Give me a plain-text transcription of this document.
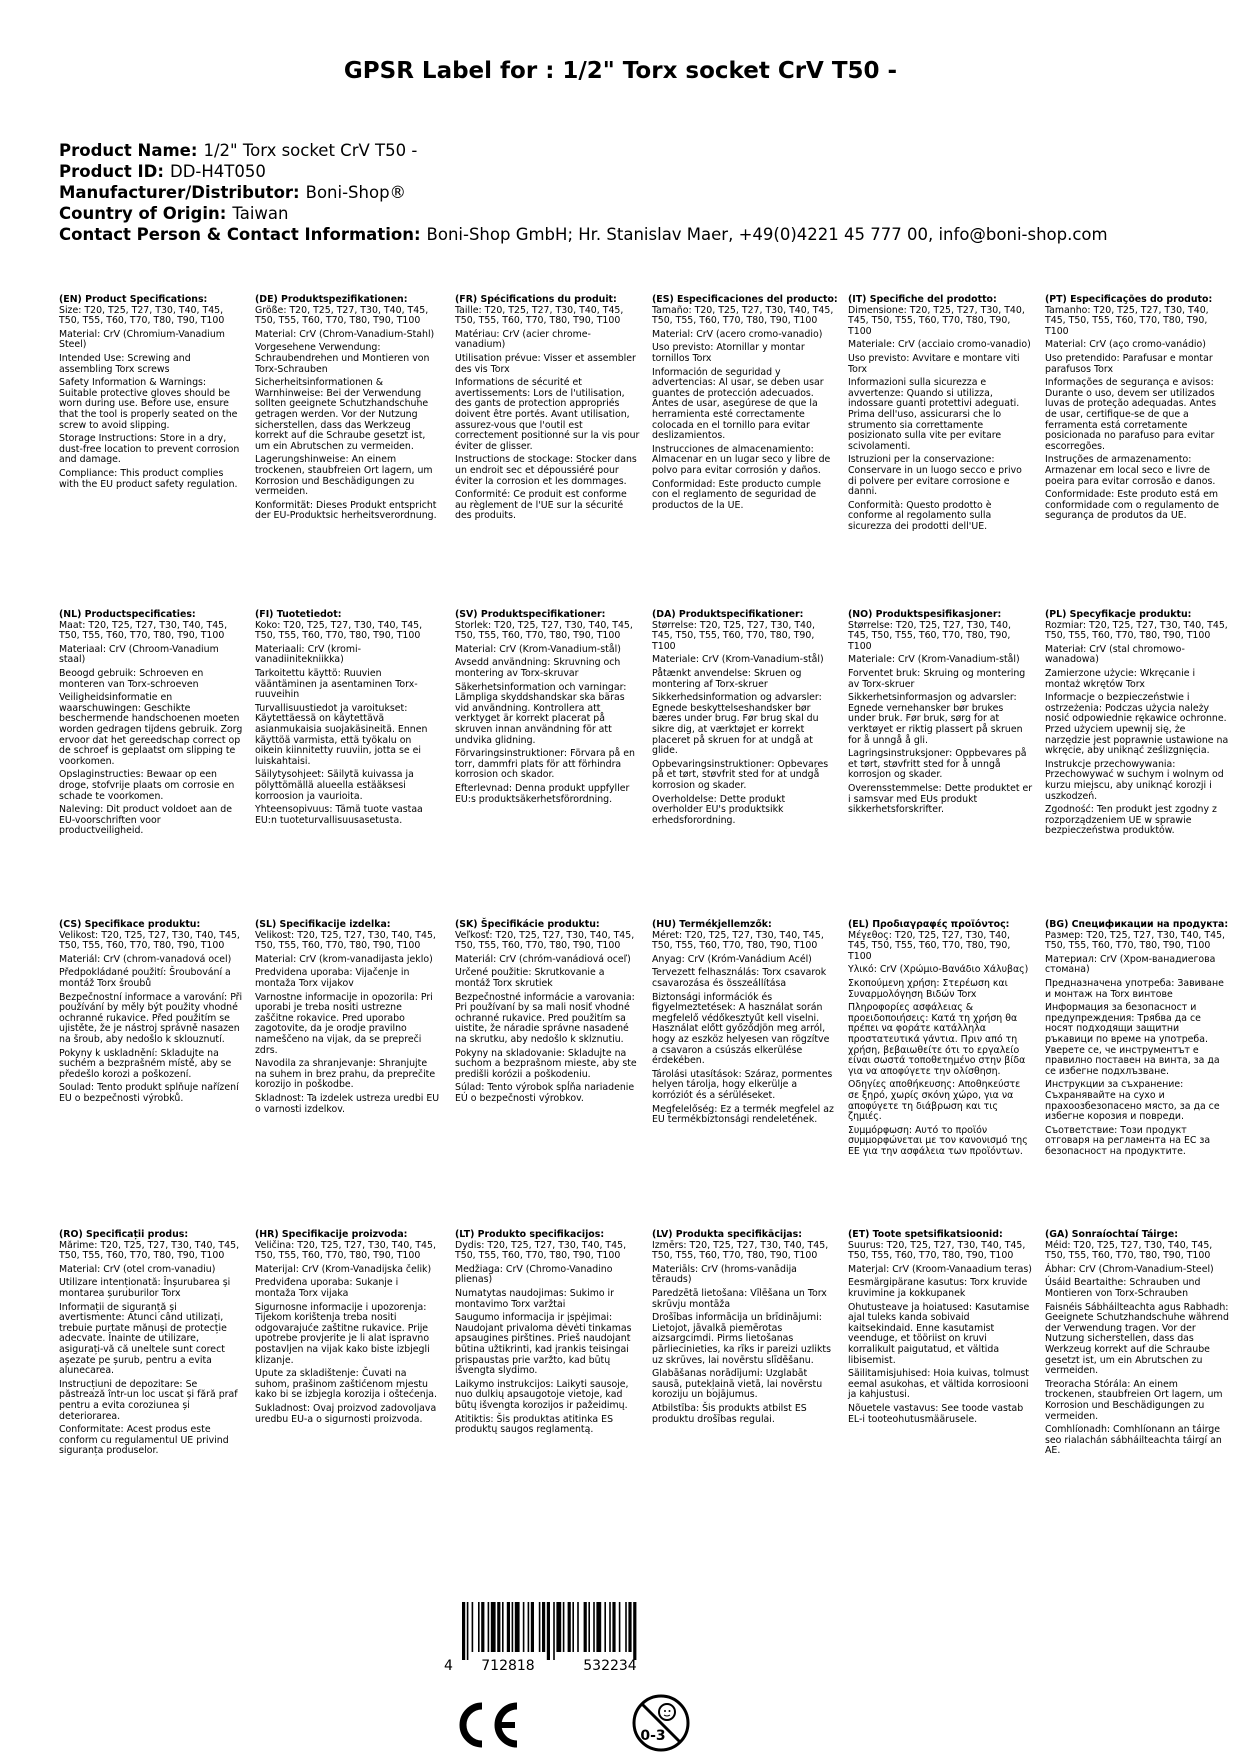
GPSR Label for : 1/2" Torx socket CrV T50 -
Product Name: 1/2" Torx socket CrV T50 -
Product ID: DD-H4T050
Manufacturer/Distributor: Boni-Shop®
Country of Origin: Taiwan
Contact Person & Contact Information: Boni-Shop GmbH; Hr. Stanislav Maer, +49(0)4221 45 777 00, info@boni-shop.com
(EN) Product Specifications:

Size: T20, T25, T27, T30, T40, T45, T50, T55, T60, T70, T80, T90, T100

Material: CrV (Chromium-Vanadium Steel)

Intended Use: Screwing and assembling Torx screws

Safety Information & Warnings: Suitable protective gloves should be worn during use. Before use, ensure that the tool is properly seated on the screw to avoid slipping.

Storage Instructions: Store in a dry, dust-free location to prevent corrosion and damage.

Compliance: This product complies with the EU product safety regulation.

(DE) Produktspezifikationen:

Größe: T20, T25, T27, T30, T40, T45, T50, T55, T60, T70, T80, T90, T100

Material: CrV (Chrom-Vanadium-Stahl)

Vorgesehene Verwendung: Schraubendrehen und Montieren von Torx-Schrauben

Sicherheitsinformationen & Warnhinweise: Bei der Verwendung sollten geeignete Schutzhandschuhe getragen werden. Vor der Nutzung sicherstellen, dass das Werkzeug korrekt auf die Schraube gesetzt ist, um ein Abrutschen zu vermeiden.

Lagerungshinweise: An einem trockenen, staubfreien Ort lagern, um Korrosion und Beschädigungen zu vermeiden.

Konformität: Dieses Produkt entspricht der EU-Produktsic herheitsverordnung.

(FR) Spécifications du produit:

Taille: T20, T25, T27, T30, T40, T45, T50, T55, T60, T70, T80, T90, T100

Matériau: CrV (acier chrome-vanadium)

Utilisation prévue: Visser et assembler des vis Torx

Informations de sécurité et avertissements: Lors de l'utilisation, des gants de protection appropriés doivent être portés. Avant utilisation, assurez-vous que l'outil est correctement positionné sur la vis pour éviter de glisser.

Instructions de stockage: Stocker dans un endroit sec et dépoussiéré pour éviter la corrosion et les dommages.

Conformité: Ce produit est conforme au règlement de l'UE sur la sécurité des produits.

(ES) Especificaciones del producto:

Tamaño: T20, T25, T27, T30, T40, T45, T50, T55, T60, T70, T80, T90, T100

Material: CrV (acero cromo-vanadio)

Uso previsto: Atornillar y montar tornillos Torx

Información de seguridad y advertencias: Al usar, se deben usar guantes de protección adecuados. Antes de usar, asegúrese de que la herramienta esté correctamente colocada en el tornillo para evitar deslizamientos.

Instrucciones de almacenamiento: Almacenar en un lugar seco y libre de polvo para evitar corrosión y daños.

Conformidad: Este producto cumple con el reglamento de seguridad de productos de la UE.

(IT) Specifiche del prodotto:

Dimensione: T20, T25, T27, T30, T40, T45, T50, T55, T60, T70, T80, T90, T100

Materiale: CrV (acciaio cromo-vanadio)

Uso previsto: Avvitare e montare viti Torx

Informazioni sulla sicurezza e avvertenze: Quando si utilizza, indossare guanti protettivi adeguati. Prima dell'uso, assicurarsi che lo strumento sia correttamente posizionato sulla vite per evitare scivolamenti.

Istruzioni per la conservazione: Conservare in un luogo secco e privo di polvere per evitare corrosione e danni.

Conformità: Questo prodotto è conforme al regolamento sulla sicurezza dei prodotti dell'UE.

(PT) Especificações do produto:

Tamanho: T20, T25, T27, T30, T40, T45, T50, T55, T60, T70, T80, T90, T100

Material: CrV (aço cromo-vanádio)

Uso pretendido: Parafusar e montar parafusos Torx

Informações de segurança e avisos: Durante o uso, devem ser utilizados luvas de proteção adequadas. Antes de usar, certifique-se de que a ferramenta está corretamente posicionada no parafuso para evitar escorregões.

Instruções de armazenamento: Armazenar em local seco e livre de poeira para evitar corrosão e danos.

Conformidade: Este produto está em conformidade com o regulamento de segurança de produtos da UE.

(NL) Productspecificaties:

Maat: T20, T25, T27, T30, T40, T45, T50, T55, T60, T70, T80, T90, T100

Materiaal: CrV (Chroom-Vanadium staal)

Beoogd gebruik: Schroeven en monteren van Torx-schroeven

Veiligheidsinformatie en waarschuwingen: Geschikte beschermende handschoenen moeten worden gedragen tijdens gebruik. Zorg ervoor dat het gereedschap correct op de schroef is geplaatst om slipping te voorkomen.

Opslaginstructies: Bewaar op een droge, stofvrije plaats om corrosie en schade te voorkomen.

Naleving: Dit product voldoet aan de EU-voorschriften voor productveiligheid.

(FI) Tuotetiedot:

Koko: T20, T25, T27, T30, T40, T45, T50, T55, T60, T70, T80, T90, T100

Materiaali: CrV (kromi-vanadiinitekniikka)

Tarkoitettu käyttö: Ruuvien vääntäminen ja asentaminen Torx-ruuveihin

Turvallisuustiedot ja varoitukset: Käytettäessä on käytettävä asianmukaisia suojakäsineitä. Ennen käyttöä varmista, että työkalu on oikein kiinnitetty ruuviin, jotta se ei luiskahtaisi.

Säilytysohjeet: Säilytä kuivassa ja pölyttömällä alueella estääksesi korroosion ja vaurioita.

Yhteensopivuus: Tämä tuote vastaa EU:n tuoteturvallisuusasetusta.

(SV) Produktspecifikationer:

Storlek: T20, T25, T27, T30, T40, T45, T50, T55, T60, T70, T80, T90, T100

Material: CrV (Krom-Vanadium-stål)

Avsedd användning: Skruvning och montering av Torx-skruvar

Säkerhetsinformation och varningar: Lämpliga skyddshandskar ska bäras vid användning. Kontrollera att verktyget är korrekt placerat på skruven innan användning för att undvika glidning.

Förvaringsinstruktioner: Förvara på en torr, dammfri plats för att förhindra korrosion och skador.

Efterlevnad: Denna produkt uppfyller EU:s produktsäkerhetsförordning.

(DA) Produktspecifikationer:

Størrelse: T20, T25, T27, T30, T40, T45, T50, T55, T60, T70, T80, T90, T100

Materiale: CrV (Krom-Vanadium-stål)

Påtænkt anvendelse: Skruen og montering af Torx-skruer

Sikkerhedsinformation og advarsler: Egnede beskyttelseshandsker bør bæres under brug. Før brug skal du sikre dig, at værktøjet er korrekt placeret på skruen for at undgå at glide.

Opbevaringsinstruktioner: Opbevares på et tørt, støvfrit sted for at undgå korrosion og skader.

Overholdelse: Dette produkt overholder EU's produktsikk erhedsforordning.

(NO) Produktspesifikasjoner:

Størrelse: T20, T25, T27, T30, T40, T45, T50, T55, T60, T70, T80, T90, T100

Materiale: CrV (Krom-Vanadium-stål)

Forventet bruk: Skruing og montering av Torx-skruer

Sikkerhetsinformasjon og advarsler: Egnede vernehansker bør brukes under bruk. Før bruk, sørg for at verktøyet er riktig plassert på skruen for å unngå å gli.

Lagringsinstruksjoner: Oppbevares på et tørt, støvfritt sted for å unngå korrosjon og skader.

Overensstemmelse: Dette produktet er i samsvar med EUs produkt sikkerhetsforskrifter.

(PL) Specyfikacje produktu:

Rozmiar: T20, T25, T27, T30, T40, T45, T50, T55, T60, T70, T80, T90, T100

Materiał: CrV (stal chromowo-wanadowa)

Zamierzone użycie: Wkręcanie i montaż wkrętów Torx

Informacje o bezpieczeństwie i ostrzeżenia: Podczas użycia należy nosić odpowiednie rękawice ochronne. Przed użyciem upewnij się, że narzędzie jest poprawnie ustawione na wkręcie, aby uniknąć ześlizgnięcia.

Instrukcje przechowywania: Przechowywać w suchym i wolnym od kurzu miejscu, aby uniknąć korozji i uszkodzeń.

Zgodność: Ten produkt jest zgodny z rozporządzeniem UE w sprawie bezpieczeństwa produktów.

(CS) Specifikace produktu:

Velikost: T20, T25, T27, T30, T40, T45, T50, T55, T60, T70, T80, T90, T100

Materiál: CrV (chrom-vanadová ocel)

Předpokládané použití: Šroubování a montáž Torx šroubů

Bezpečnostní informace a varování: Při používání by měly být použity vhodné ochranné rukavice. Před použitím se ujistěte, že je nástroj správně nasazen na šroub, aby nedošlo k sklouznutí.

Pokyny k uskladnění: Skladujte na suchém a bezprašném místě, aby se předešlo korozi a poškození.

Soulad: Tento produkt splňuje nařízení EU o bezpečnosti výrobků.

(SL) Specifikacije izdelka:

Velikost: T20, T25, T27, T30, T40, T45, T50, T55, T60, T70, T80, T90, T100

Material: CrV (krom-vanadijasta jeklo)

Predvidena uporaba: Vijačenje in montaža Torx vijakov

Varnostne informacije in opozorila: Pri uporabi je treba nositi ustrezne zaščitne rokavice. Pred uporabo zagotovite, da je orodje pravilno nameščeno na vijak, da se prepreči zdrs.

Navodila za shranjevanje: Shranjujte na suhem in brez prahu, da preprečite korozijo in poškodbe.

Skladnost: Ta izdelek ustreza uredbi EU o varnosti izdelkov.

(SK) Špecifikácie produktu:

Veľkosť: T20, T25, T27, T30, T40, T45, T50, T55, T60, T70, T80, T90, T100

Materiál: CrV (chróm-vanádiová oceľ)

Určené použitie: Skrutkovanie a montáž Torx skrutiek

Bezpečnostné informácie a varovania: Pri používaní by sa mali nosiť vhodné ochranné rukavice. Pred použitím sa uistite, že náradie správne nasadené na skrutku, aby nedošlo k sklznutiu.

Pokyny na skladovanie: Skladujte na suchom a bezprašnom mieste, aby ste predišli korózii a poškodeniu.

Súlad: Tento výrobok spĺňa nariadenie EÚ o bezpečnosti výrobkov.

(HU) Termékjellemzők:

Méret: T20, T25, T27, T30, T40, T45, T50, T55, T60, T70, T80, T90, T100

Anyag: CrV (Króm-Vanádium Acél)

Tervezett felhasználás: Torx csavarok csavarozása és összeállítása

Biztonsági információk és figyelmeztetések: A használat során megfelelő védőkesztyűt kell viselni. Használat előtt győződjön meg arról, hogy az eszköz helyesen van rögzítve a csavaron a csúszás elkerülése érdekében.

Tárolási utasítások: Száraz, pormentes helyen tárolja, hogy elkerülje a korróziót és a sérüléseket.

Megfelelőség: Ez a termék megfelel az EU termékbiztonsági rendeletének.

(EL) Προδιαγραφές προϊόντος:

Μέγεθος: T20, T25, T27, T30, T40, T45, T50, T55, T60, T70, T80, T90, T100

Υλικό: CrV (Χρώμιο-Βανάδιο Χάλυβας)

Σκοπούμενη χρήση: Στερέωση και Συναρμολόγηση Βιδών Torx

Πληροφορίες ασφάλειας & προειδοποιήσεις: Κατά τη χρήση θα πρέπει να φοράτε κατάλληλα προστατευτικά γάντια. Πριν από τη χρήση, βεβαιωθείτε ότι το εργαλείο είναι σωστά τοποθετημένο στην βίδα για να αποφύγετε την ολίσθηση.

Οδηγίες αποθήκευσης: Αποθηκεύστε σε ξηρό, χωρίς σκόνη χώρο, για να αποφύγετε τη διάβρωση και τις ζημιές.

Συμμόρφωση: Αυτό το προϊόν συμμορφώνεται με τον κανονισμό της ΕΕ για την ασφάλεια των προϊόντων.

(BG) Спецификации на продукта:

Размер: T20, T25, T27, T30, T40, T45, T50, T55, T60, T70, T80, T90, T100

Материал: CrV (Хром-ванадиегова стомана)

Предназначена употреба: Завиване и монтаж на Torx винтове

Информация за безопасност и предупреждения: Трябва да се носят подходящи защитни ръкавици по време на употреба. Уверете се, че инструментът е правилно поставен на винта, за да се избегне подхлъзване.

Инструкции за съхранение: Съхранявайте на сухо и прахоозбезопасено място, за да се избегне корозия и повреди.

Съответствие: Този продукт отговаря на регламента на ЕС за безопасност на продуктите.

(RO) Specificații produs:

Mărime: T20, T25, T27, T30, T40, T45, T50, T55, T60, T70, T80, T90, T100

Material: CrV (otel crom-vanadiu)

Utilizare intenționată: Înșurubarea și montarea șuruburilor Torx

Informații de siguranță și avertismente: Atunci când utilizați, trebuie purtate mănuși de protecție adecvate. Înainte de utilizare, asigurați-vă că uneltele sunt corect așezate pe șurub, pentru a evita alunecarea.

Instrucțiuni de depozitare: Se păstrează într-un loc uscat și fără praf pentru a evita coroziunea și deteriorarea.

Conformitate: Acest produs este conform cu regulamentul UE privind siguranța produselor.

(HR) Specifikacije proizvoda:

Veličina: T20, T25, T27, T30, T40, T45, T50, T55, T60, T70, T80, T90, T100

Materijal: CrV (Krom-Vanadijska čelik)

Predviđena uporaba: Sukanje i montaža Torx vijaka

Sigurnosne informacije i upozorenja: Tijekom korištenja treba nositi odgovarajuće zaštitne rukavice. Prije upotrebe provjerite je li alat ispravno postavljen na vijak kako biste izbjegli klizanje.

Upute za skladištenje: Čuvati na suhom, prašinom zaštićenom mjestu kako bi se izbjegla korozija i oštećenja.

Sukladnost: Ovaj proizvod zadovoljava uredbu EU-a o sigurnosti proizvoda.

(LT) Produkto specifikacijos:

Dydis: T20, T25, T27, T30, T40, T45, T50, T55, T60, T70, T80, T90, T100

Medžiaga: CrV (Chromo-Vanadino plienas)

Numatytas naudojimas: Sukimo ir montavimo Torx varžtai

Saugumo informacija ir įspėjimai: Naudojant privaloma dėvėti tinkamas apsaugines pirštines. Prieš naudojant būtina užtikrinti, kad įrankis teisingai prispaustas prie varžto, kad būtų išvengta slydimo.

Laikymo instrukcijos: Laikyti sausoje, nuo dulkių apsaugotoje vietoje, kad būtų išvengta korozijos ir pažeidimų.

Atitiktis: Šis produktas atitinka ES produktų saugos reglamentą.

(LV) Produkta specifikācijas:

Izmērs: T20, T25, T27, T30, T40, T45, T50, T55, T60, T70, T80, T90, T100

Materiāls: CrV (hroms-vanādija tērauds)

Paredzētā lietošana: Vīlēšana un Torx skrūvju montāža

Drošības informācija un brīdinājumi: Lietojot, jāvalkā piemērotas aizsargcimdi. Pirms lietošanas pārliecinieties, ka rīks ir pareizi uzlikts uz skrūves, lai novērstu slīdēšanu.

Glabāšanas norādījumi: Uzglabāt sausā, putekļainā vietā, lai novērstu koroziju un bojājumus.

Atbilstība: Šis produkts atbilst ES produktu drošības regulai.

(ET) Toote spetsifikatsioonid:

Suurus: T20, T25, T27, T30, T40, T45, T50, T55, T60, T70, T80, T90, T100

Materjal: CrV (Kroom-Vanaadium teras)

Eesmärgipärane kasutus: Torx kruvide kruvimine ja kokkupanek

Ohutusteave ja hoiatused: Kasutamise ajal tuleks kanda sobivaid kaitsekindaid. Enne kasutamist veenduge, et tööriist on kruvi korralikult paigutatud, et vältida libisemist.

Säilitamisjuhised: Hoia kuivas, tolmust eemal asukohas, et vältida korrosiooni ja kahjustusi.

Nõuetele vastavus: See toode vastab EL-i tooteohutusmäärusele.

(GA) Sonraíochtaí Táirge:

Méid: T20, T25, T27, T30, T40, T45, T50, T55, T60, T70, T80, T90, T100

Ábhar: CrV (Chrom-Vanadium-Steel)

Úsáid Beartaithe: Schrauben und Montieren von Torx-Schrauben

Faisnéis Sábháilteachta agus Rabhadh: Geeignete Schutzhandschuhe während der Verwendung tragen. Vor der Nutzung sicherstellen, dass das Werkzeug korrekt auf die Schraube gesetzt ist, um ein Abrutschen zu vermeiden.

Treoracha Stórála: An einem trockenen, staubfreien Ort lagern, um Korrosion und Beschädigungen zu vermeiden.

Comhlíonadh: Comhlíonann an táirge seo rialachán sábháilteachta táirgí an AE.

4 712818	532234
0-3
